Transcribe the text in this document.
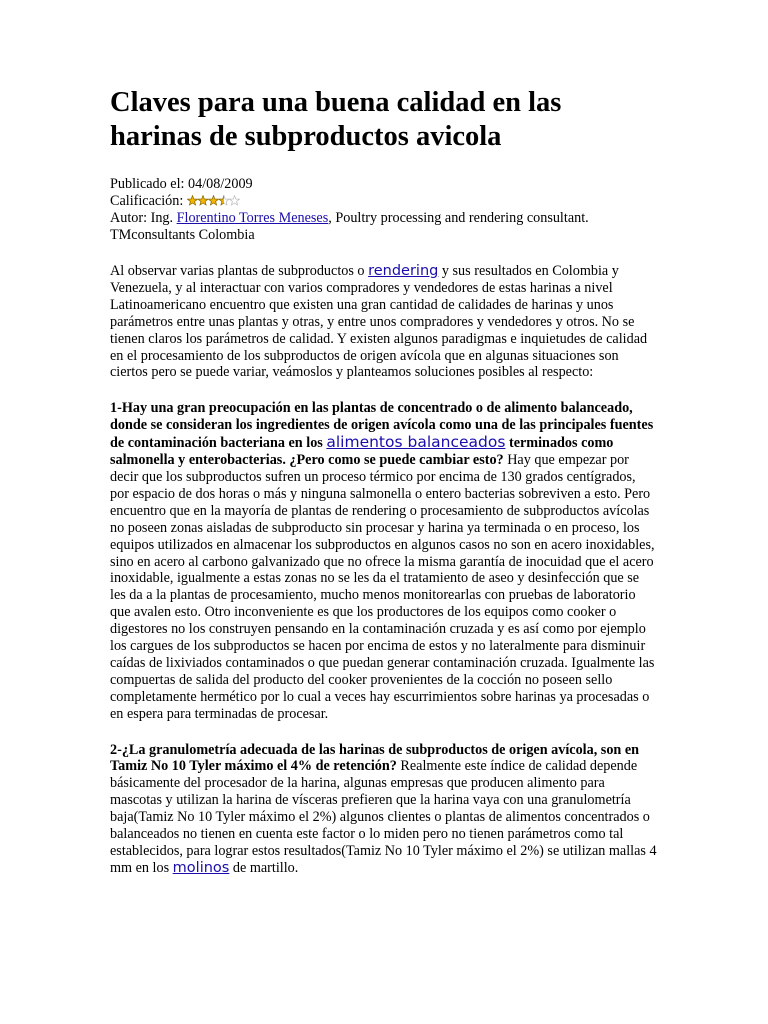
Claves para una buena calidad en las harinas de subproductos avicola
Publicado el: 04/08/2009
Calificación:
Autor: Ing. Florentino Torres Meneses, Poultry processing and rendering consultant.
TMconsultants Colombia

Al observar varias plantas de subproductos o rendering y sus resultados en Colombia y Venezuela, y al interactuar con varios compradores y vendedores de estas harinas a nivel Latinoamericano encuentro que existen una gran cantidad de calidades de harinas y unos parámetros entre unas plantas y otras, y entre unos compradores y vendedores y otros. No se tienen claros los parámetros de calidad. Y existen algunos paradigmas e inquietudes de calidad en el procesamiento de los subproductos de origen avícola que en algunas situaciones son ciertos pero se puede variar, veámoslos y planteamos soluciones posibles al respecto:

1-Hay una gran preocupación en las plantas de concentrado o de alimento balanceado, donde se consideran los ingredientes de origen avícola como una de las principales fuentes de contaminación bacteriana en los alimentos balanceados terminados como salmonella y enterobacterias. ¿Pero como se puede cambiar esto? Hay que empezar por decir que los subproductos sufren un proceso térmico por encima de 130 grados centígrados, por espacio de dos horas o más y ninguna salmonella o entero bacterias sobreviven a esto. Pero encuentro que en la mayoría de plantas de rendering o procesamiento de subproductos avícolas no poseen zonas aisladas de subproducto sin procesar y harina ya terminada o en proceso, los equipos utilizados en almacenar los subproductos en algunos casos no son en acero inoxidables, sino en acero al carbono galvanizado que no ofrece la misma garantía de inocuidad que el acero inoxidable, igualmente a estas zonas no se les da el tratamiento de aseo y desinfección que se les da a la plantas de procesamiento, mucho menos monitorearlas con pruebas de laboratorio que avalen esto. Otro inconveniente es que los productores de los equipos como cooker o digestores no los construyen pensando en la contaminación cruzada y es así como por ejemplo los cargues de los subproductos se hacen por encima de estos y no lateralmente para disminuir caídas de lixiviados contaminados o que puedan generar contaminación cruzada. Igualmente las compuertas de salida del producto del cooker provenientes de la cocción no poseen sello completamente hermético por lo cual a veces hay escurrimientos sobre harinas ya procesadas o en espera para terminadas de procesar.

2-¿La granulometría adecuada de las harinas de subproductos de origen avícola, son en Tamiz No 10 Tyler máximo el 4% de retención? Realmente este índice de calidad depende básicamente del procesador de la harina, algunas empresas que producen alimento para mascotas y utilizan la harina de vísceras prefieren que la harina vaya con una granulometría baja(Tamiz No 10 Tyler máximo el 2%) algunos clientes o plantas de alimentos concentrados o balanceados no tienen en cuenta este factor o lo miden pero no tienen parámetros como tal establecidos, para lograr estos resultados(Tamiz No 10 Tyler máximo el 2%) se utilizan mallas 4 mm en los molinos de martillo.
